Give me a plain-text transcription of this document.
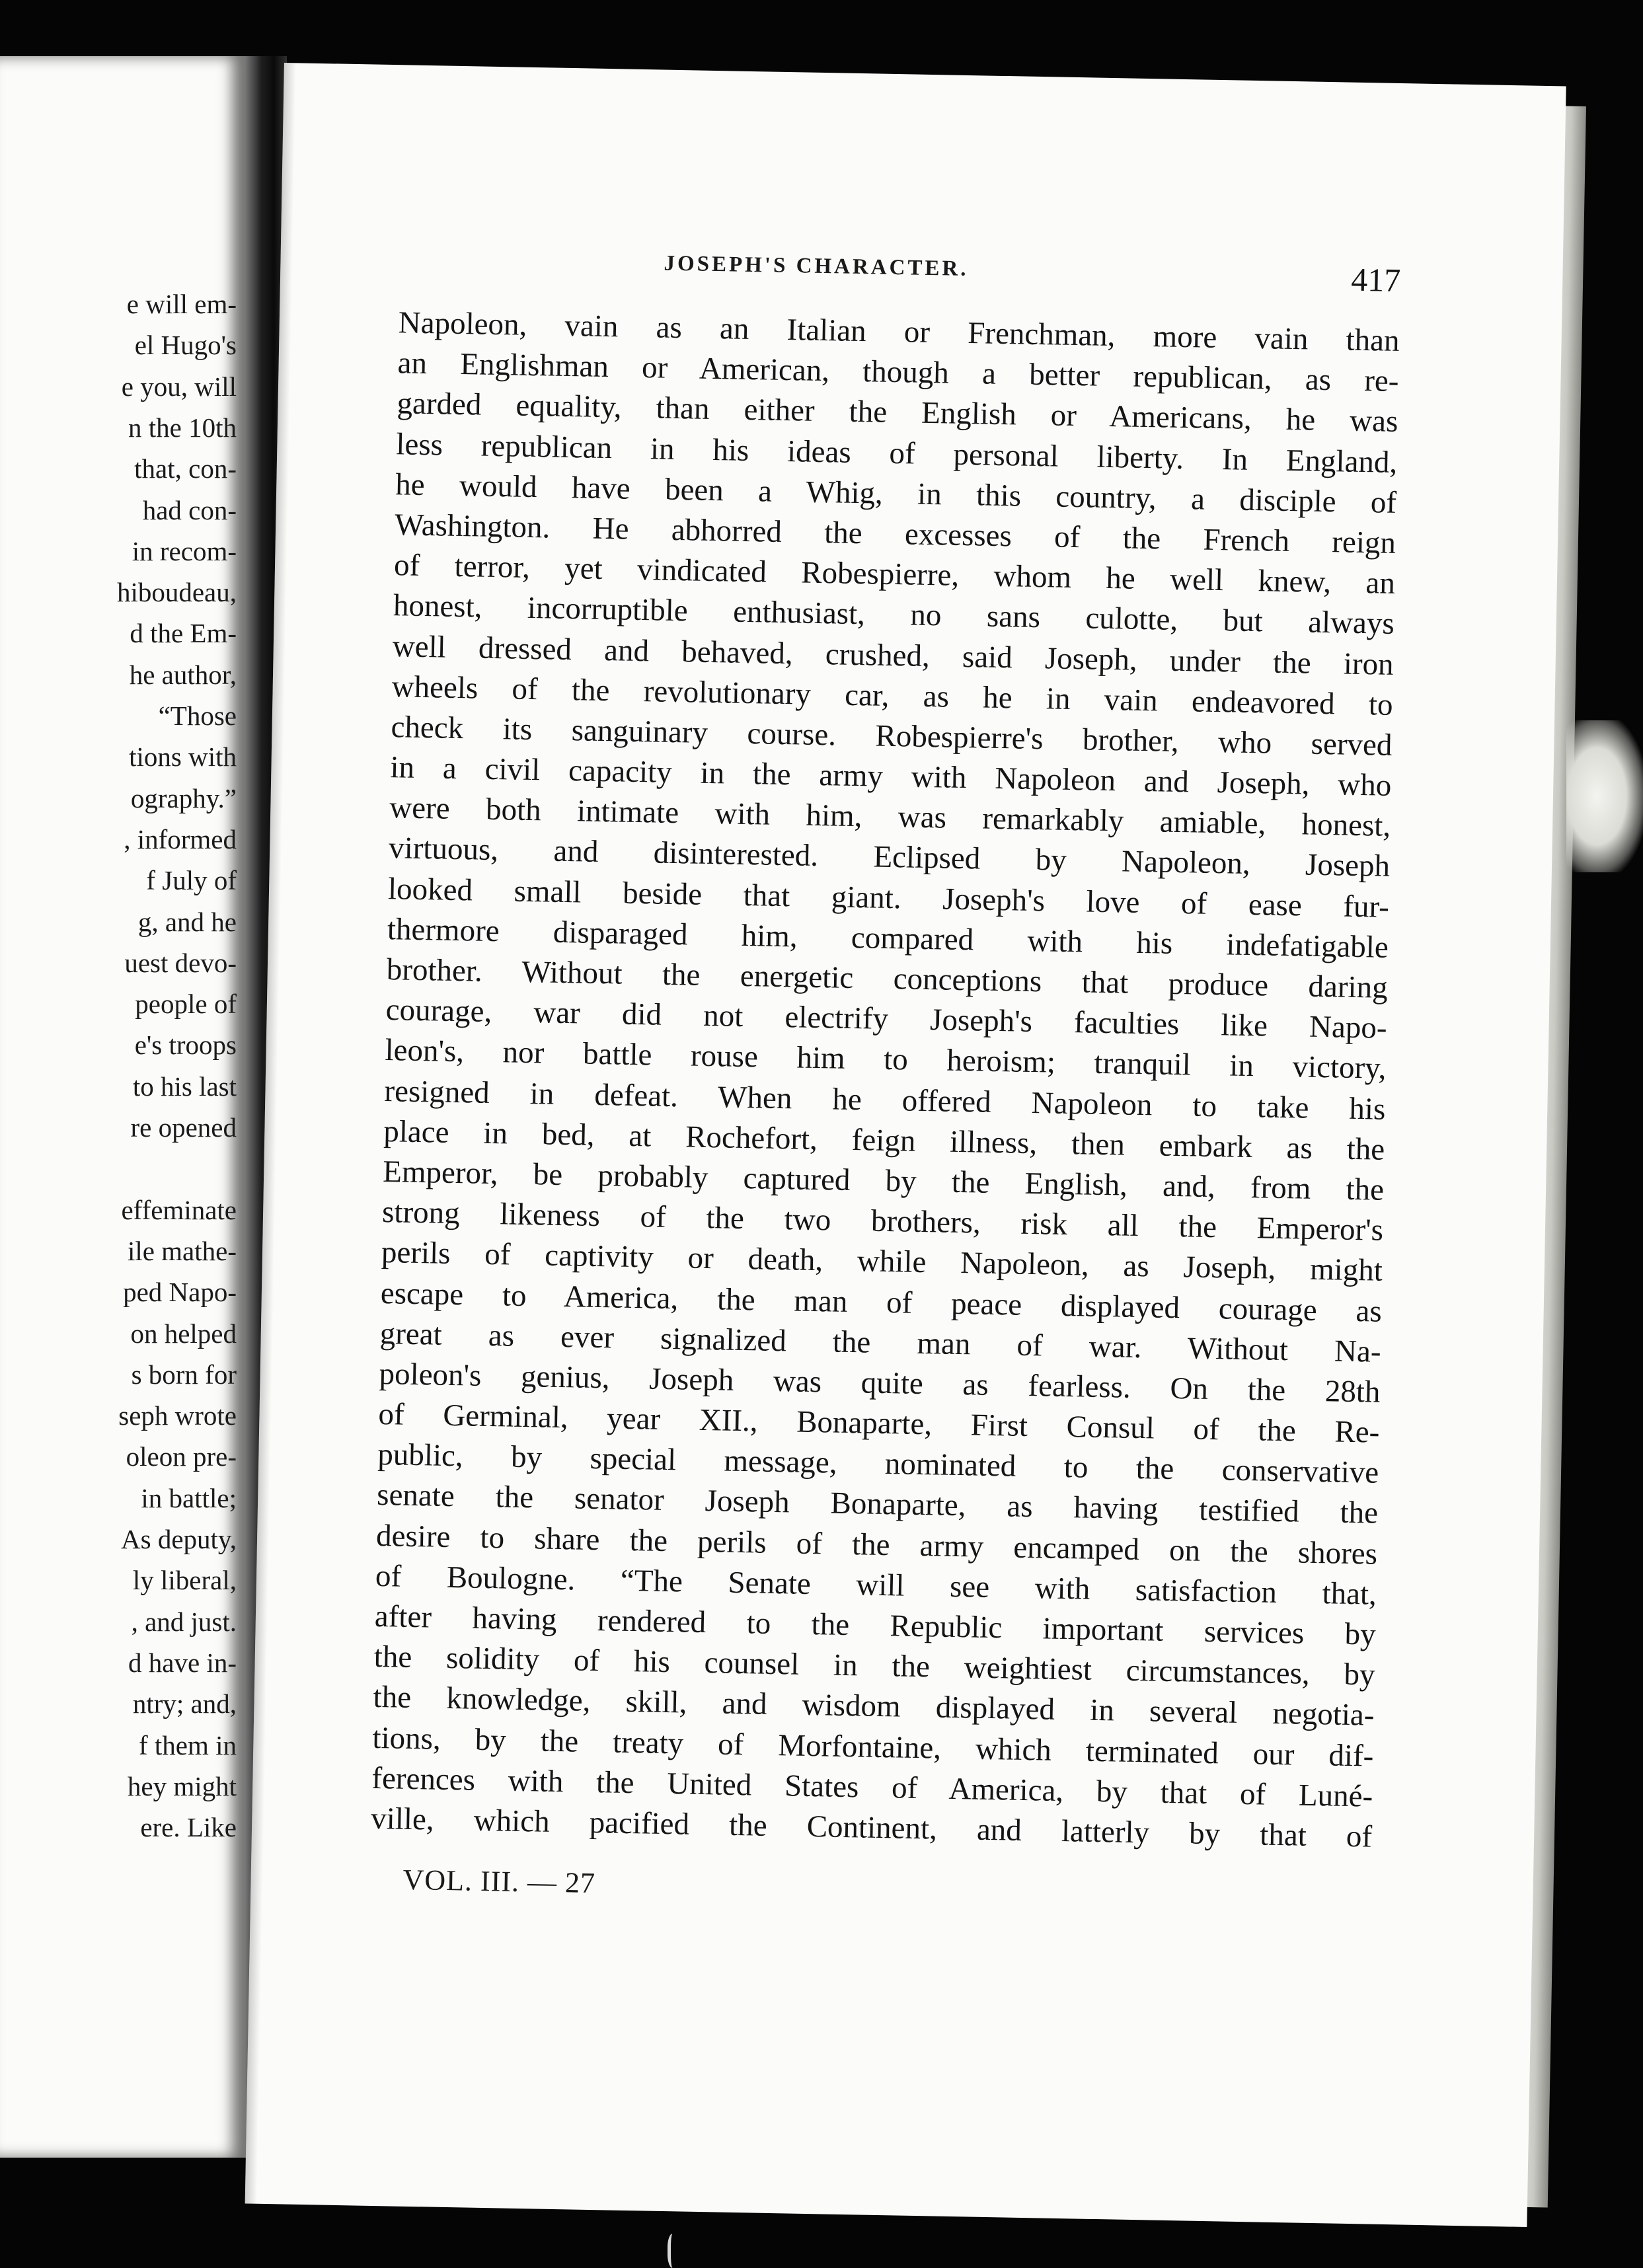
e will em-
el Hugo's
e you, will
n the 10th
that, con-
had con-
in recom-
hiboudeau,
d the Em-
he author,
“Those
tions with
ography.”
, informed
f July of
g, and he
uest devo-
people of
e's troops
to his last
re opened
effeminate
ile mathe-
ped Napo-
on helped
s born for
seph wrote
oleon pre-
in battle;
As deputy,
ly liberal,
, and just.
d have in-
ntry; and,
f them in
hey might
ere. Like
JOSEPH'S CHARACTER.	417
Napoleon, vain as an Italian or Frenchman, more vain than
an Englishman or American, though a better republican, as re-
garded equality, than either the English or Americans, he was
less republican in his ideas of personal liberty. In England,
he would have been a Whig, in this country, a disciple of
Washington. He abhorred the excesses of the French reign
of terror, yet vindicated Robespierre, whom he well knew, an
honest, incorruptible enthusiast, no sans culotte, but always
well dressed and behaved, crushed, said Joseph, under the iron
wheels of the revolutionary car, as he in vain endeavored to
check its sanguinary course. Robespierre's brother, who served
in a civil capacity in the army with Napoleon and Joseph, who
were both intimate with him, was remarkably amiable, honest,
virtuous, and disinterested. Eclipsed by Napoleon, Joseph
looked small beside that giant. Joseph's love of ease fur-
thermore disparaged him, compared with his indefatigable
brother. Without the energetic conceptions that produce daring
courage, war did not electrify Joseph's faculties like Napo-
leon's, nor battle rouse him to heroism; tranquil in victory,
resigned in defeat. When he offered Napoleon to take his
place in bed, at Rochefort, feign illness, then embark as the
Emperor, be probably captured by the English, and, from the
strong likeness of the two brothers, risk all the Emperor's
perils of captivity or death, while Napoleon, as Joseph, might
escape to America, the man of peace displayed courage as
great as ever signalized the man of war. Without Na-
poleon's genius, Joseph was quite as fearless. On the 28th
of Germinal, year XII., Bonaparte, First Consul of the Re-
public, by special message, nominated to the conservative
senate the senator Joseph Bonaparte, as having testified the
desire to share the perils of the army encamped on the shores
of Boulogne. “The Senate will see with satisfaction that,
after having rendered to the Republic important services by
the solidity of his counsel in the weightiest circumstances, by
the knowledge, skill, and wisdom displayed in several negotia-
tions, by the treaty of Morfontaine, which terminated our dif-
ferences with the United States of America, by that of Luné-
ville, which pacified the Continent, and latterly by that of
VOL. III. — 27
